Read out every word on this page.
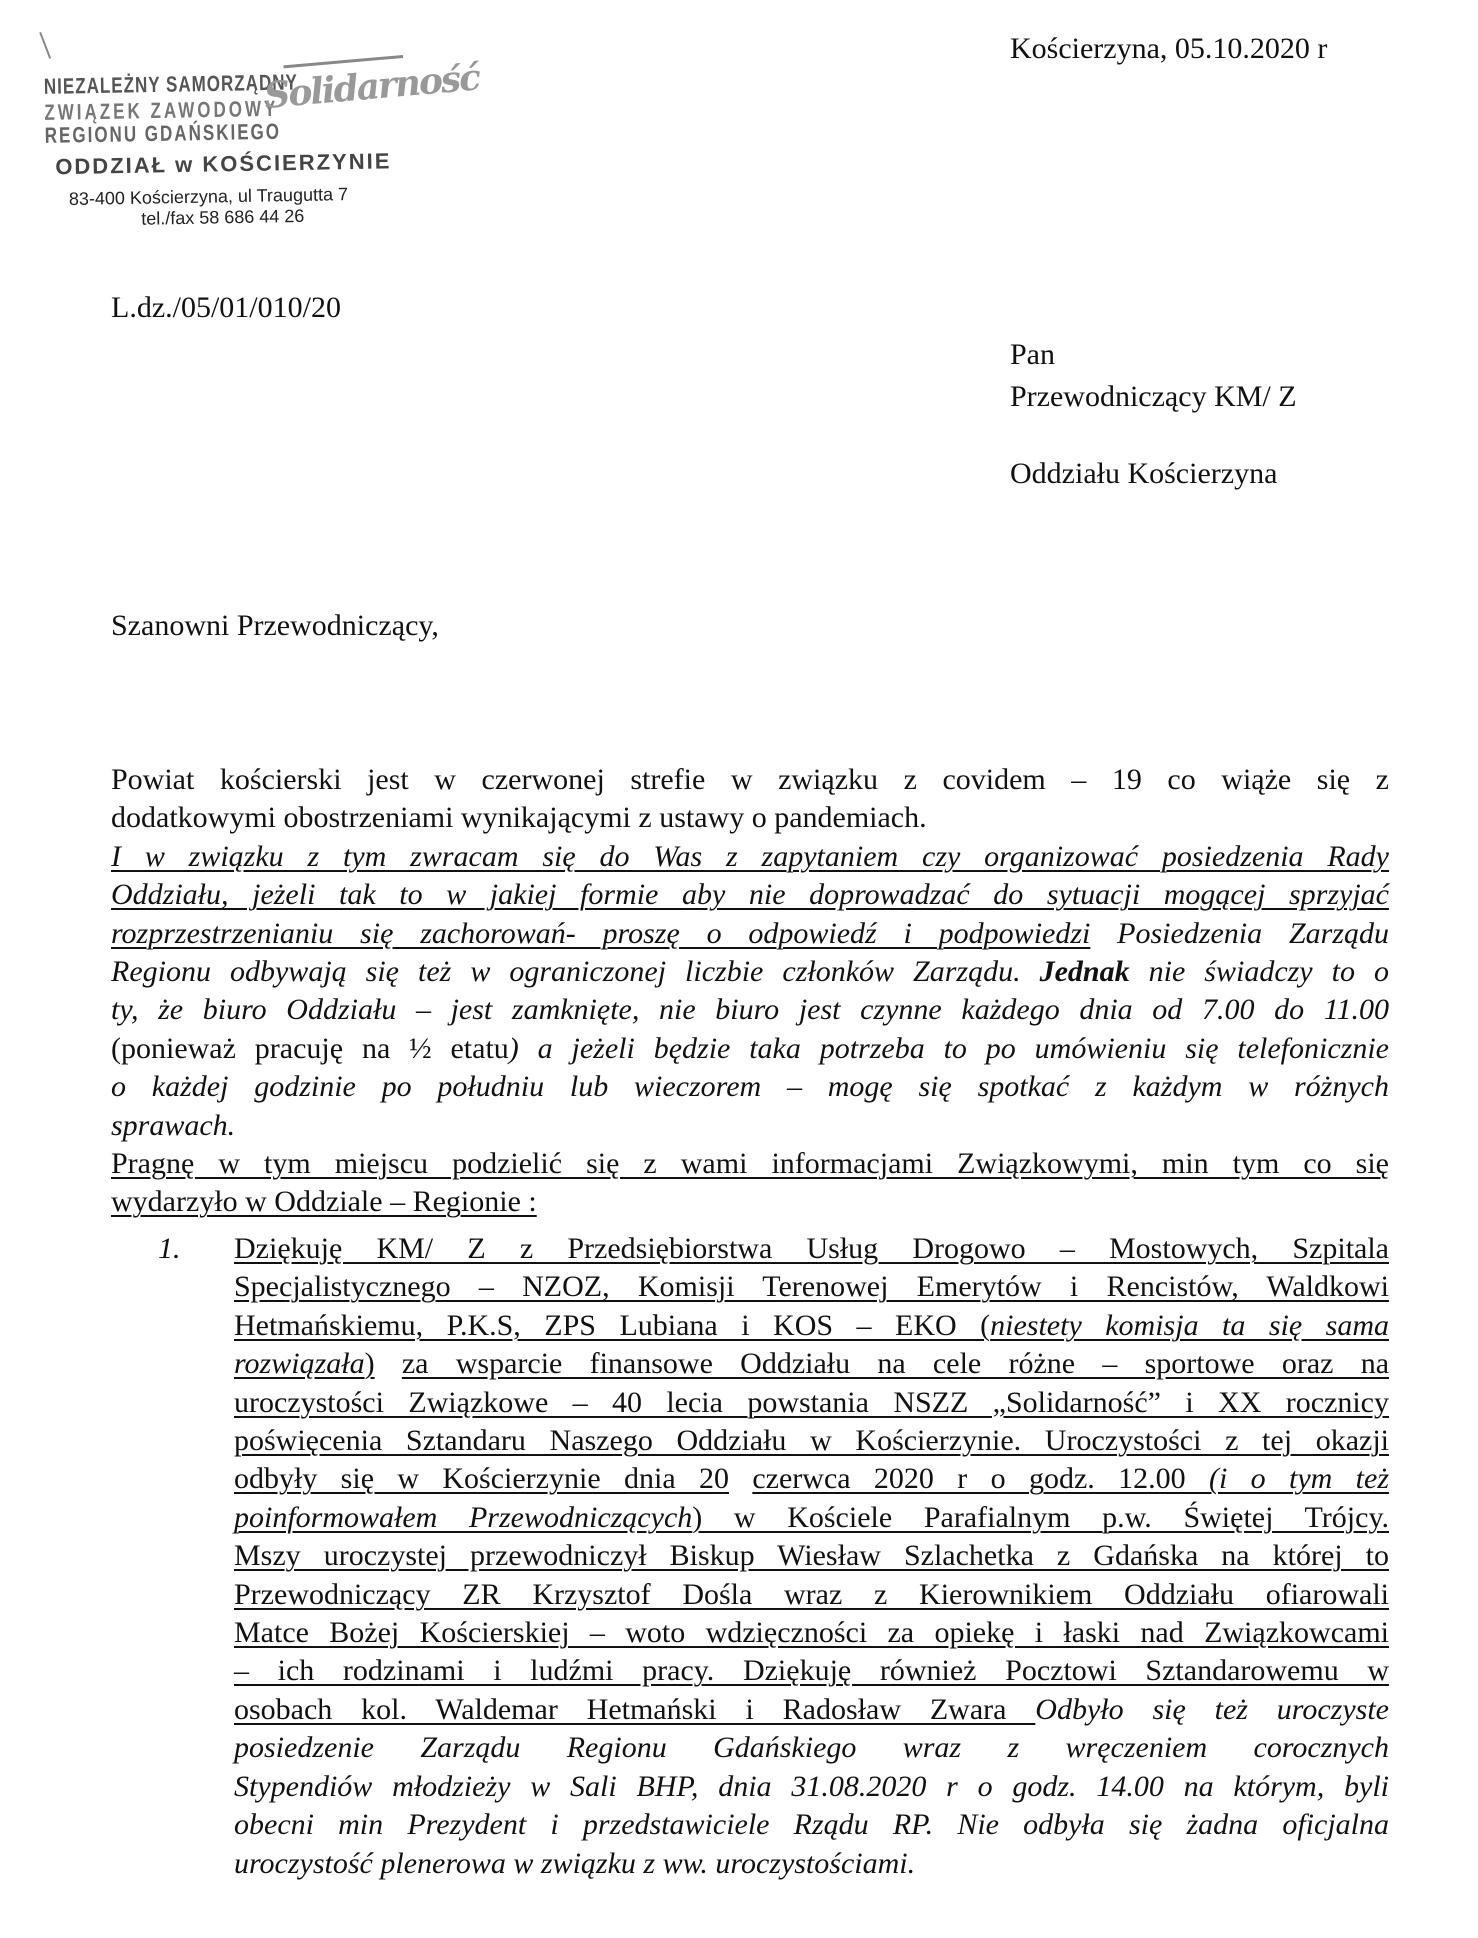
NIEZALEŻNY SAMORZĄDNY
ZWIĄZEK ZAWODOWY
REGIONU GDAŃSKIEGO
Solidarność
ODDZIAŁ w KOŚCIERZYNIE
83-400 Kościerzyna, ul Traugutta 7
tel./fax 58 686 44 26
Kościerzyna, 05.10.2020 r
L.dz./05/01/010/20
Pan
Przewodniczący KM/ Z
Oddziału Kościerzyna
Szanowni Przewodniczący,
Powiat kościerski jest w czerwonej strefie w związku z covidem – 19 co wiąże się z
dodatkowymi obostrzeniami wynikającymi z ustawy o pandemiach.
I w związku z tym zwracam się do Was z zapytaniem czy organizować posiedzenia Rady
Oddziału, jeżeli tak to w jakiej formie aby nie doprowadzać do sytuacji mogącej sprzyjać
rozprzestrzenianiu się zachorowań- proszę o odpowiedź i podpowiedzi Posiedzenia Zarządu
Regionu odbywają się też w ograniczonej liczbie członków Zarządu. Jednak nie świadczy to o
ty, że biuro Oddziału – jest zamknięte, nie biuro jest czynne każdego dnia od 7.00 do 11.00
(ponieważ pracuję na ½ etatu) a jeżeli będzie taka potrzeba to po umówieniu się telefonicznie
o każdej godzinie po południu lub wieczorem – mogę się spotkać z każdym w różnych
sprawach.
Pragnę w tym miejscu podzielić się z wami informacjami Związkowymi, min tym co się
wydarzyło w Oddziale – Regionie :
1. Dziękuję KM/ Z z Przedsiębiorstwa Usług Drogowo – Mostowych, Szpitala
Specjalistycznego – NZOZ, Komisji Terenowej Emerytów i Rencistów, Waldkowi
Hetmańskiemu, P.K.S, ZPS Lubiana i KOS – EKO (niestety komisja ta się sama
rozwiązała) za wsparcie finansowe Oddziału na cele różne – sportowe oraz na
uroczystości Związkowe – 40 lecia powstania NSZZ „Solidarność” i XX rocznicy
poświęcenia Sztandaru Naszego Oddziału w Kościerzynie. Uroczystości z tej okazji
odbyły się w Kościerzynie dnia 20 czerwca 2020 r o godz. 12.00 (i o tym też
poinformowałem Przewodniczących) w Kościele Parafialnym p.w. Świętej Trójcy.
Mszy uroczystej przewodniczył Biskup Wiesław Szlachetka z Gdańska na której to
Przewodniczący ZR Krzysztof Dośla wraz z Kierownikiem Oddziału ofiarowali
Matce Bożej Kościerskiej – woto wdzięczności za opiekę i łaski nad Związkowcami
– ich rodzinami i ludźmi pracy. Dziękuję również Pocztowi Sztandarowemu w
osobach kol. Waldemar Hetmański i Radosław Zwara Odbyło się też uroczyste
posiedzenie Zarządu Regionu Gdańskiego wraz z wręczeniem corocznych
Stypendiów młodzieży w Sali BHP, dnia 31.08.2020 r o godz. 14.00 na którym, byli
obecni min Prezydent i przedstawiciele Rządu RP. Nie odbyła się żadna oficjalna
uroczystość plenerowa w związku z ww. uroczystościami.
